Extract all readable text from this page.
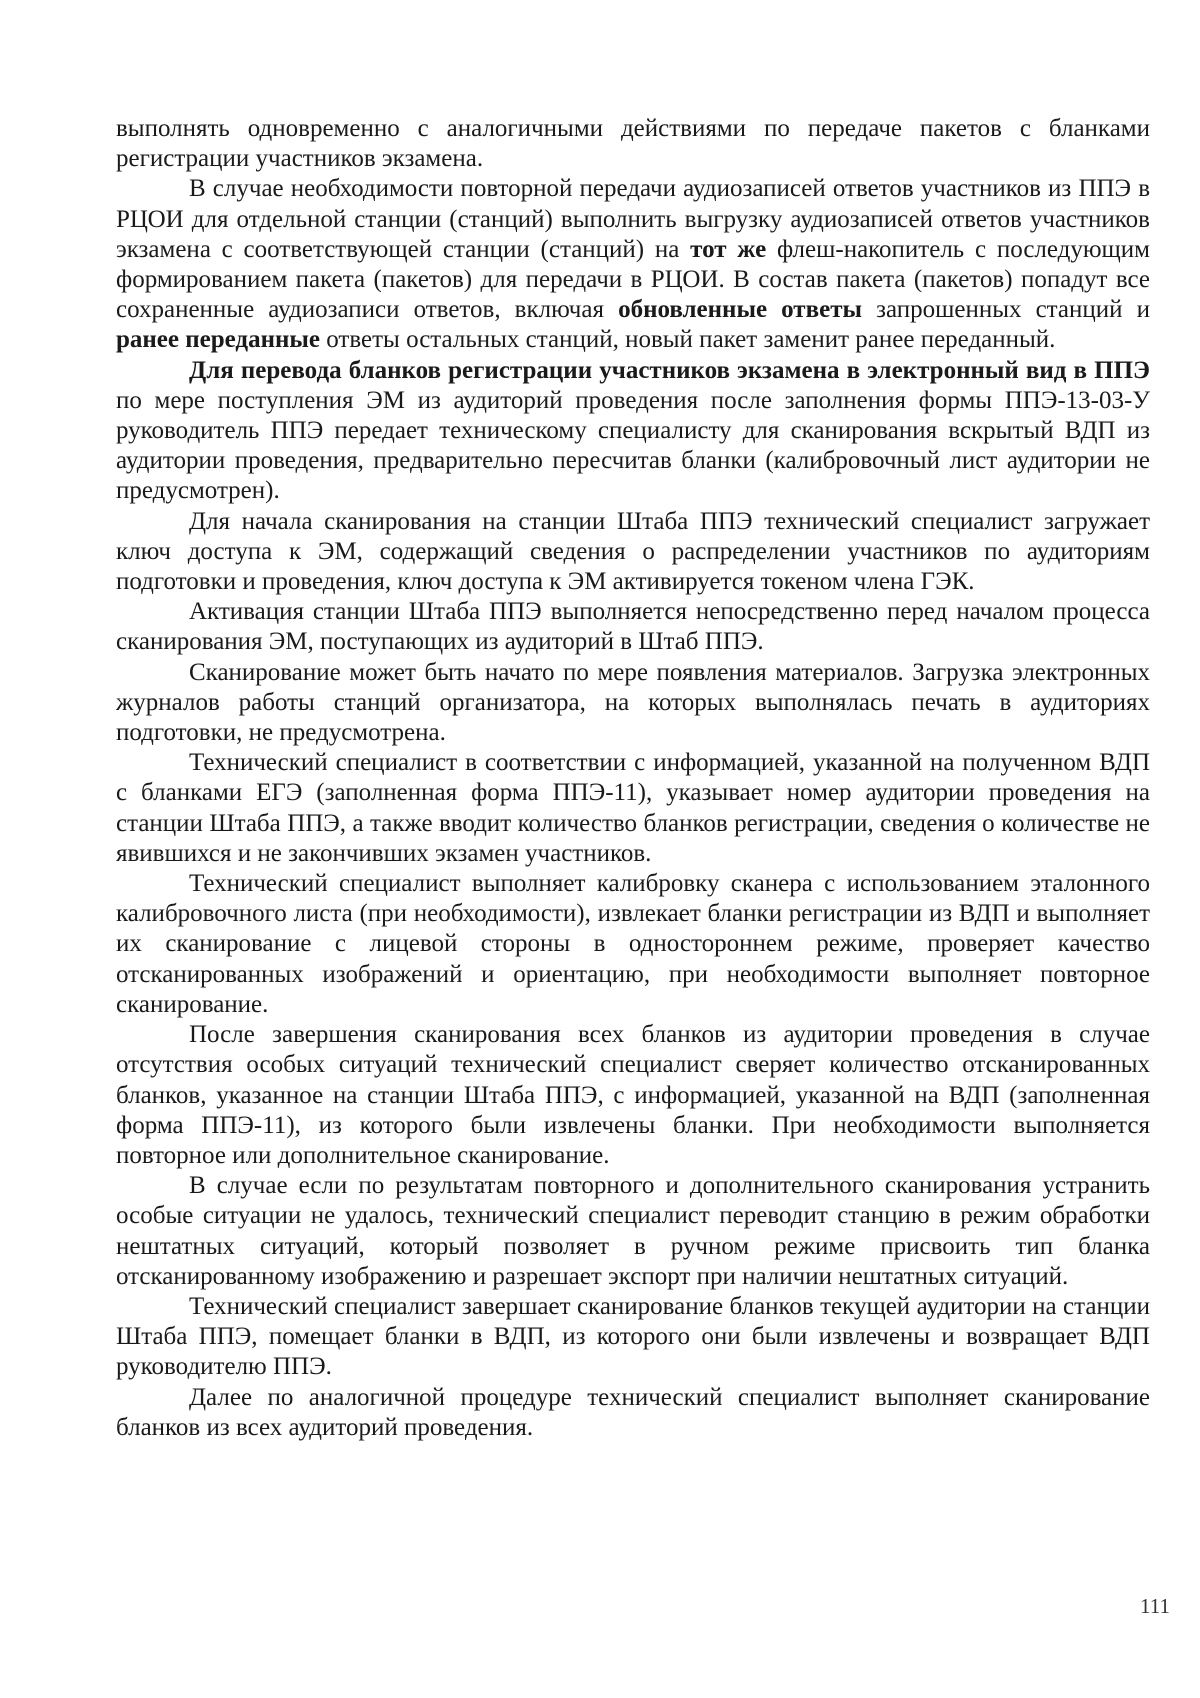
выполнять одновременно с аналогичными действиями по передаче пакетов с бланками регистрации участников экзамена.

В случае необходимости повторной передачи аудиозаписей ответов участников из ППЭ в РЦОИ для отдельной станции (станций) выполнить выгрузку аудиозаписей ответов участников экзамена с соответствующей станции (станций) на тот же флеш-накопитель с последующим формированием пакета (пакетов) для передачи в РЦОИ. В состав пакета (пакетов) попадут все сохраненные аудиозаписи ответов, включая обновленные ответы запрошенных станций и ранее переданные ответы остальных станций, новый пакет заменит ранее переданный.

Для перевода бланков регистрации участников экзамена в электронный вид в ППЭ по мере поступления ЭМ из аудиторий проведения после заполнения формы ППЭ-13-03-У руководитель ППЭ передает техническому специалисту для сканирования вскрытый ВДП из аудитории проведения, предварительно пересчитав бланки (калибровочный лист аудитории не предусмотрен).

Для начала сканирования на станции Штаба ППЭ технический специалист загружает ключ доступа к ЭМ, содержащий сведения о распределении участников по аудиториям подготовки и проведения, ключ доступа к ЭМ активируется токеном члена ГЭК.

Активация станции Штаба ППЭ выполняется непосредственно перед началом процесса сканирования ЭМ, поступающих из аудиторий в Штаб ППЭ.

Сканирование может быть начато по мере появления материалов. Загрузка электронных журналов работы станций организатора, на которых выполнялась печать в аудиториях подготовки, не предусмотрена.

Технический специалист в соответствии с информацией, указанной на полученном ВДП с бланками ЕГЭ (заполненная форма ППЭ-11), указывает номер аудитории проведения на станции Штаба ППЭ, а также вводит количество бланков регистрации, сведения о количестве не явившихся и не закончивших экзамен участников.

Технический специалист выполняет калибровку сканера с использованием эталонного калибровочного листа (при необходимости), извлекает бланки регистрации из ВДП и выполняет их сканирование с лицевой стороны в одностороннем режиме, проверяет качество отсканированных изображений и ориентацию, при необходимости выполняет повторное сканирование.

После завершения сканирования всех бланков из аудитории проведения в случае отсутствия особых ситуаций технический специалист сверяет количество отсканированных бланков, указанное на станции Штаба ППЭ, с информацией, указанной на ВДП (заполненная форма ППЭ-11), из которого были извлечены бланки. При необходимости выполняется повторное или дополнительное сканирование.

В случае если по результатам повторного и дополнительного сканирования устранить особые ситуации не удалось, технический специалист переводит станцию в режим обработки нештатных ситуаций, который позволяет в ручном режиме присвоить тип бланка отсканированному изображению и разрешает экспорт при наличии нештатных ситуаций.

Технический специалист завершает сканирование бланков текущей аудитории на станции Штаба ППЭ, помещает бланки в ВДП, из которого они были извлечены и возвращает ВДП руководителю ППЭ.

Далее по аналогичной процедуре технический специалист выполняет сканирование бланков из всех аудиторий проведения.

111
